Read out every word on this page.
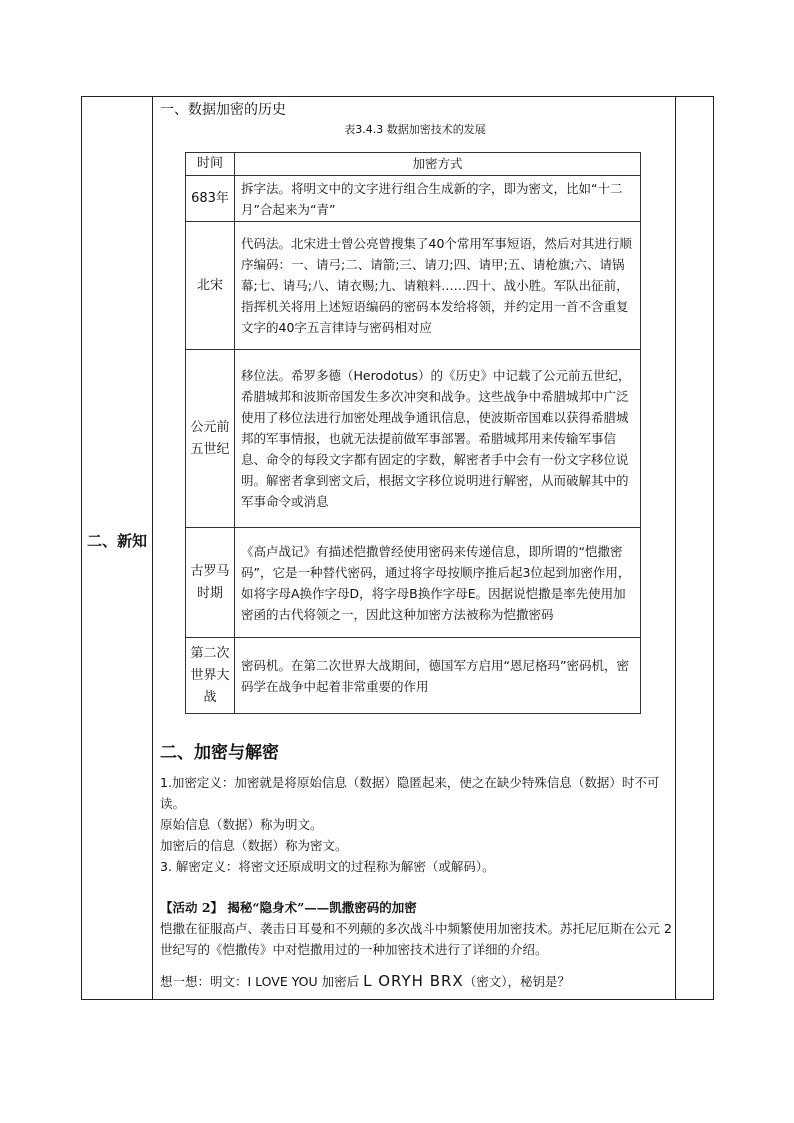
二、新知
一、数据加密的历史
表3.4.3 数据加密技术的发展
时间	加密方式
683年	拆字法。将明文中的文字进行组合生成新的字，即为密文，比如“十二月”合起来为“青”
北宋	代码法。北宋进士曾公亮曾搜集了40个常用军事短语，然后对其进行顺序编码：一、请弓;二、请箭;三、请刀;四、请甲;五、请枪旗;六、请锅幕;七、请马;八、请衣赐;九、请粮料……四十、战小胜。军队出征前，指挥机关将用上述短语编码的密码本发给将领，并约定用一首不含重复文字的40字五言律诗与密码相对应
公元前五世纪	移位法。希罗多德（Herodotus）的《历史》中记载了公元前五世纪，希腊城邦和波斯帝国发生多次冲突和战争。这些战争中希腊城邦中广泛使用了移位法进行加密处理战争通讯信息，使波斯帝国难以获得希腊城邦的军事情报，也就无法提前做军事部署。希腊城邦用来传输军事信息、命令的每段文字都有固定的字数，解密者手中会有一份文字移位说明。解密者拿到密文后，根据文字移位说明进行解密，从而破解其中的军事命令或消息
古罗马时期	《高卢战记》有描述恺撒曾经使用密码来传递信息，即所谓的“恺撒密码”，它是一种替代密码，通过将字母按顺序推后起3位起到加密作用，如将字母A换作字母D，将字母B换作字母E。因据说恺撒是率先使用加密函的古代将领之一，因此这种加密方法被称为恺撒密码
第二次世界大战	密码机。在第二次世界大战期间，德国军方启用“恩尼格玛”密码机，密码学在战争中起着非常重要的作用
二、加密与解密
1.加密定义：加密就是将原始信息（数据）隐匿起来，使之在缺少特殊信息（数据）时不可读。
原始信息（数据）称为明文。
加密后的信息（数据）称为密文。
3. 解密定义：将密文还原成明文的过程称为解密（或解码）。
【活动 2】 揭秘“隐身术”——凯撒密码的加密
恺撒在征服高卢、袭击日耳曼和不列颠的多次战斗中频繁使用加密技术。苏托尼厄斯在公元 2 世纪写的《恺撒传》中对恺撒用过的一种加密技术进行了详细的介绍。
想一想：明文：I LOVE YOU 加密后 L ORYH BRX（密文），秘钥是？
